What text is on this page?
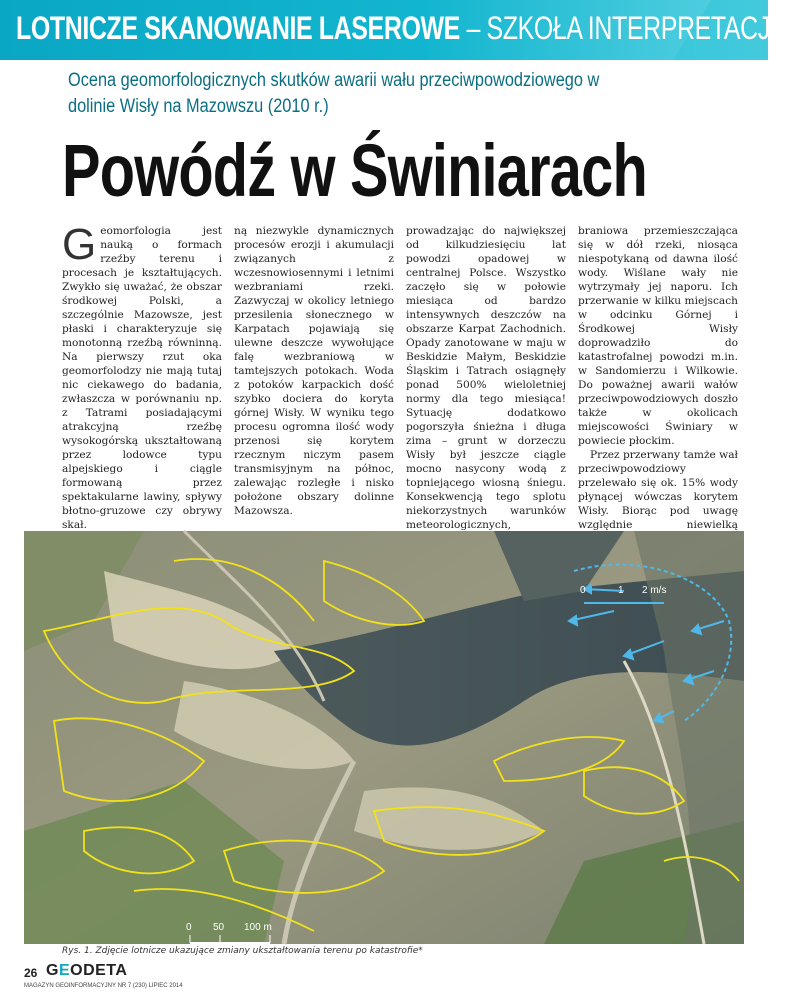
LOTNICZE SKANOWANIE LASEROWE – SZKOŁA INTERPRETACJI [5]
Ocena geomorfologicznych skutków awarii wału przeciwpowodziowego w dolinie Wisły na Mazowszu (2010 r.)
Powódź w Świniarach

Geomorfologia jest nauką o formach rzeźby terenu i procesach je kształtujących. Zwykło się uważać, że obszar środkowej Polski, a szczególnie Mazowsze, jest płaski i charakteryzuje się monotonną rzeźbą równinną. Na pierwszy rzut oka geomorfolodzy nie mają tutaj nic ciekawego do badania, zwłaszcza w porównaniu np. z Tatrami posiadającymi atrakcyjną rzeźbę wysokogórską ukształtowaną przez lodowce typu alpejskiego i ciągle formowaną przez spektakularne lawiny, spływy błotno-gruzowe czy obrywy skał.

ną niezwykle dynamicznych procesów erozji i akumulacji związanych z wczesnowiosennymi i letnimi wezbraniami rzeki. Zazwyczaj w okolicy letniego przesilenia słonecznego w Karpatach pojawiają się ulewne deszcze wywołujące falę wezbraniową w tamtejszych potokach. Woda z potoków karpackich dość szybko dociera do koryta górnej Wisły. W wyniku tego procesu ogromna ilość wody przenosi się korytem rzecznym niczym pasem transmisyjnym na północ, zalewając rozległe i nisko położone obszary dolinne Mazowsza.

prowadzając do największej od kilkudziesięciu lat powodzi opadowej w centralnej Polsce. Wszystko zaczęło się w połowie miesiąca od bardzo intensywnych deszczów na obszarze Karpat Zachodnich. Opady zanotowane w maju w Beskidzie Małym, Beskidzie Śląskim i Tatrach osiągnęły ponad 500% wieloletniej normy dla tego miesiąca! Sytuację dodatkowo pogorszyła śnieżna i długa zima – grunt w dorzeczu Wisły był jeszcze ciągle mocno nasycony wodą z topniejącego wiosną śniegu. Konsekwencją tego splotu niekorzystnych warunków meteorologicznych,

braniowa przemieszczająca się w dół rzeki, niosąca niespotykaną od dawna ilość wody. Wiślane wały nie wytrzymały jej naporu. Ich przerwanie w kilku miejscach w odcinku Górnej i Środkowej Wisły doprowadziło do katastrofalnej powodzi m.in. w Sandomierzu i Wilkowie. Do poważnej awarii wałów przeciwpowodziowych doszło także w okolicach miejscowości Świniary w powiecie płockim.

Przez przerwany tamże wał przeciwpowodziowy przelewało się ok. 15% wody płynącej wówczas korytem Wisły. Biorąc pod uwagę względnie niewielką

0	1 2 m/s
0 50 100 m
Rys. 1. Zdjęcie lotnicze ukazujące zmiany ukształtowania terenu po katastrofie*
26 GEODETA
MAGAZYN GEOINFORMACYJNY NR 7 (230) LIPIEC 2014
